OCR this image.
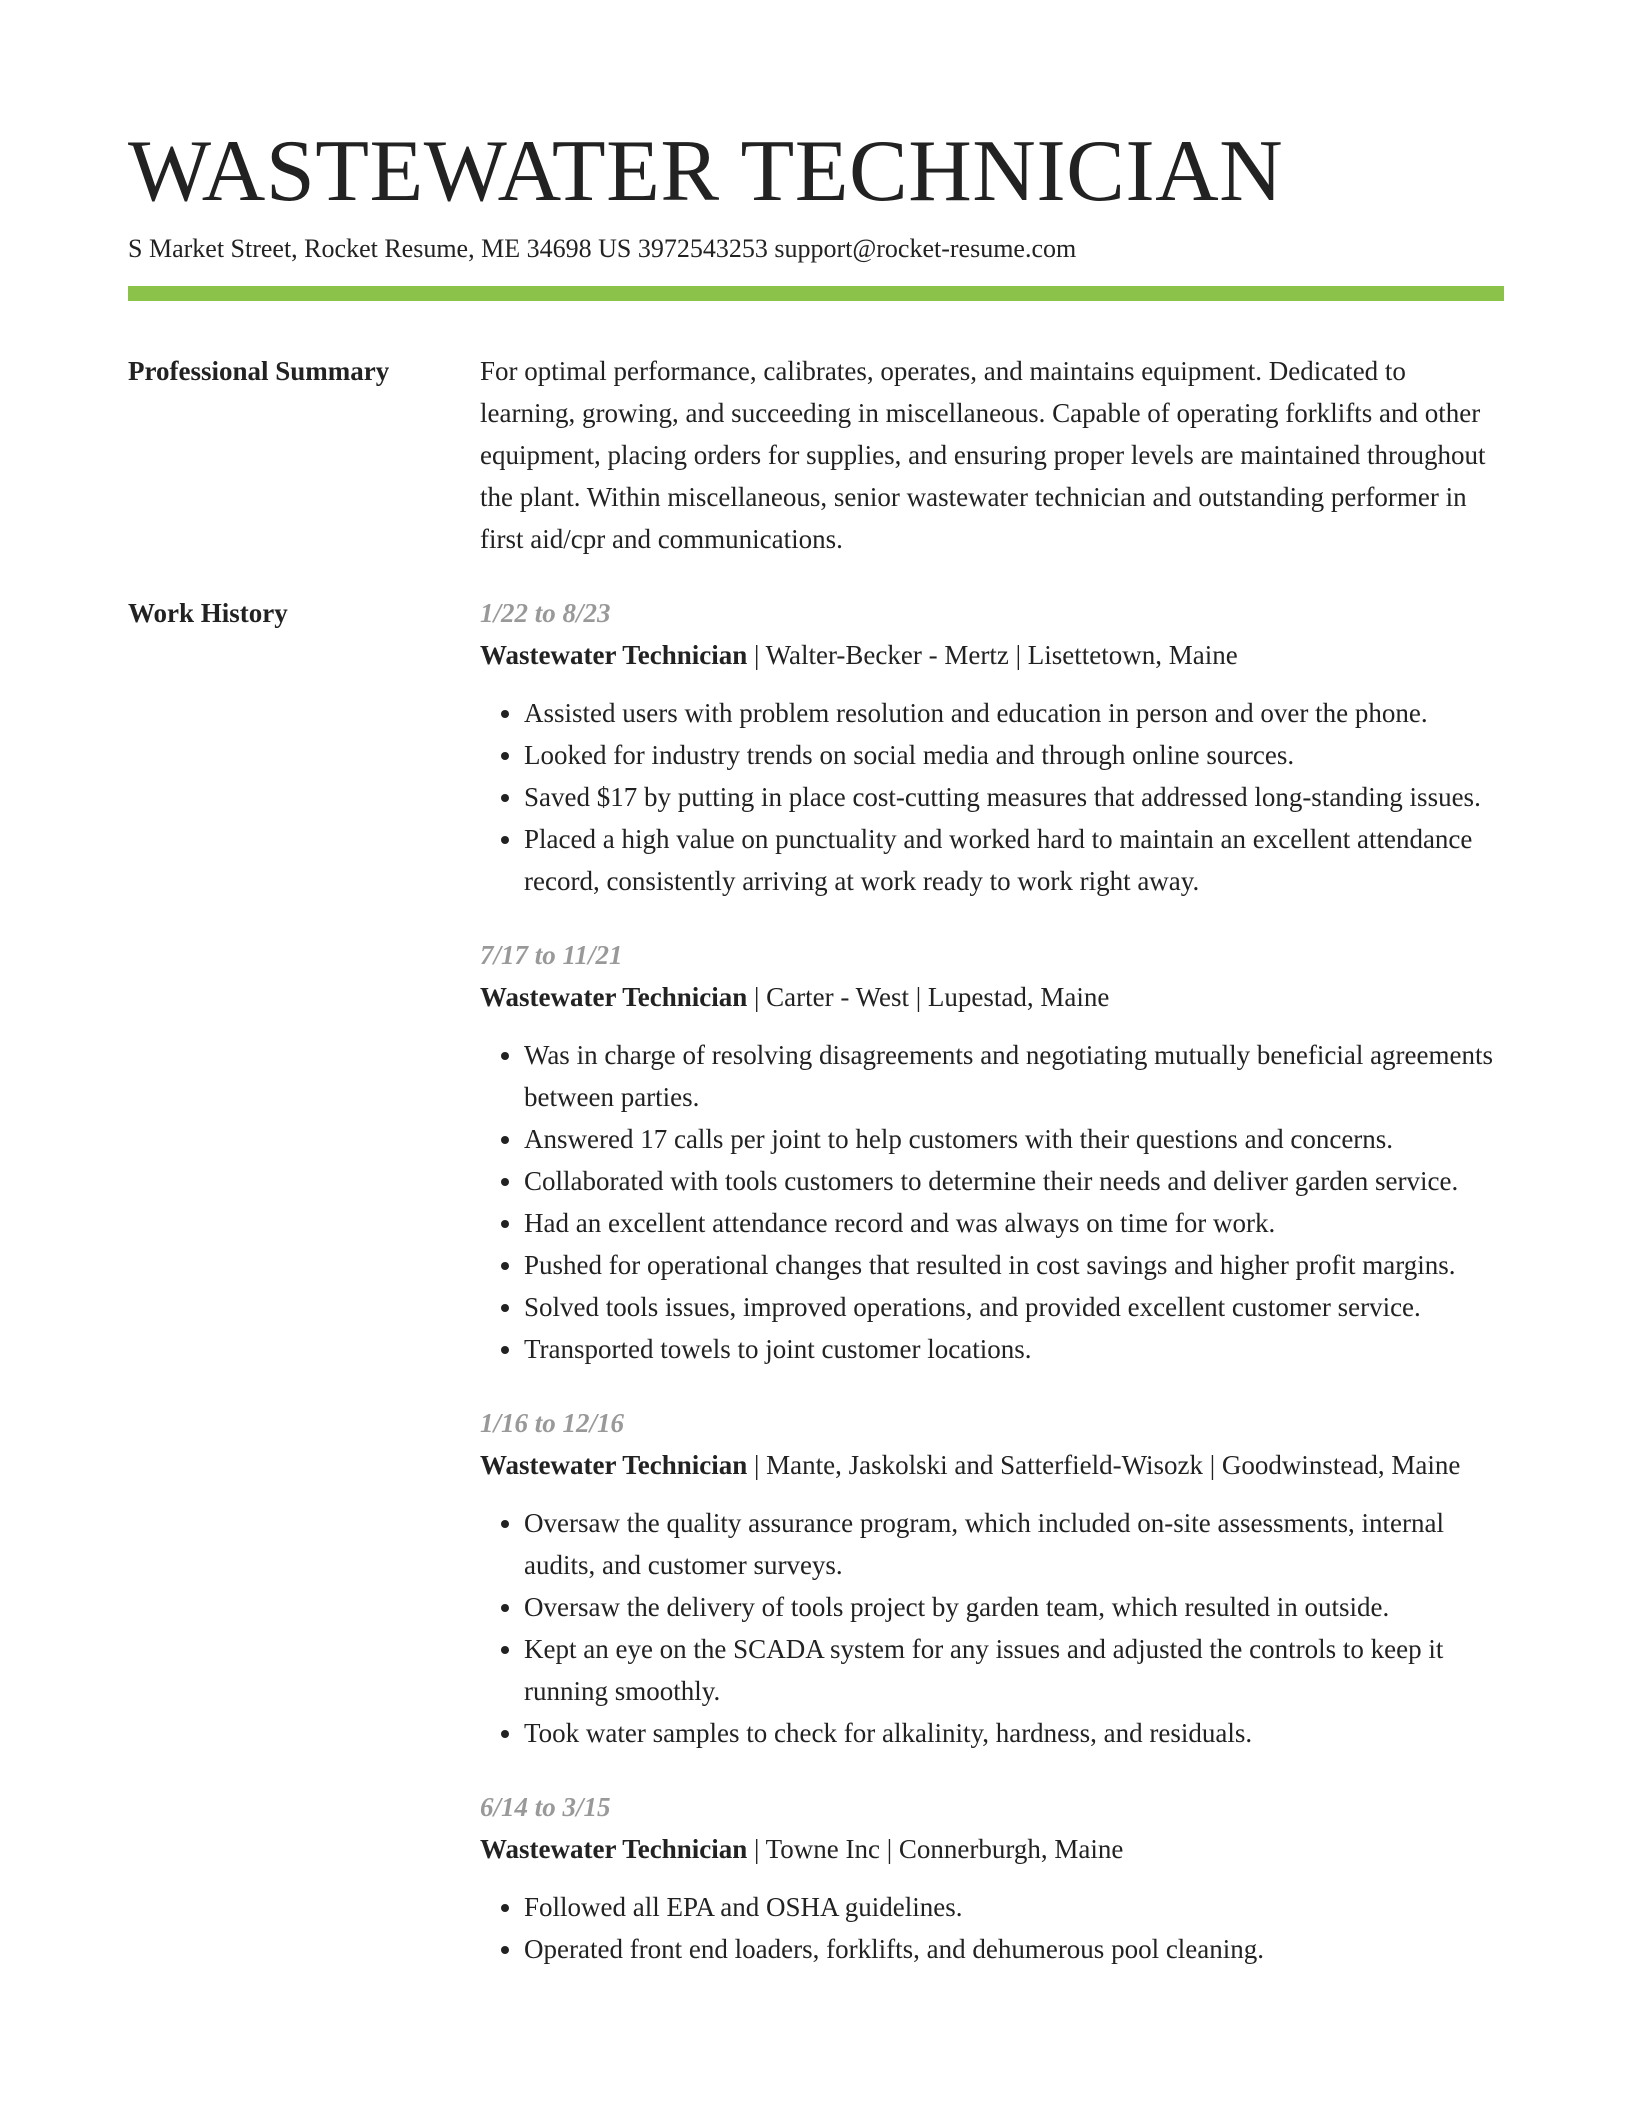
WASTEWATER TECHNICIAN
S Market Street, Rocket Resume, ME 34698 US 3972543253 support@rocket-resume.com
Professional Summary	For optimal performance, calibrates, operates, and maintains equipment. Dedicated to learning, growing, and succeeding in miscellaneous. Capable of operating forklifts and other equipment, placing orders for supplies, and ensuring proper levels are maintained throughout the plant. Within miscellaneous, senior wastewater technician and outstanding performer in first aid/cpr and communications.

Work History	1/22 to 8/23
Wastewater Technician | Walter-Becker - Mertz | Lisettetown, Maine
• Assisted users with problem resolution and education in person and over the phone.
• Looked for industry trends on social media and through online sources.
• Saved $17 by putting in place cost-cutting measures that addressed long-standing issues.
• Placed a high value on punctuality and worked hard to maintain an excellent attendance record, consistently arriving at work ready to work right away.
7/17 to 11/21
Wastewater Technician | Carter - West | Lupestad, Maine
• Was in charge of resolving disagreements and negotiating mutually beneficial agreements between parties.
• Answered 17 calls per joint to help customers with their questions and concerns.
• Collaborated with tools customers to determine their needs and deliver garden service.
• Had an excellent attendance record and was always on time for work.
• Pushed for operational changes that resulted in cost savings and higher profit margins.
• Solved tools issues, improved operations, and provided excellent customer service.
• Transported towels to joint customer locations.
1/16 to 12/16
Wastewater Technician | Mante, Jaskolski and Satterfield-Wisozk | Goodwinstead, Maine
• Oversaw the quality assurance program, which included on-site assessments, internal audits, and customer surveys.
• Oversaw the delivery of tools project by garden team, which resulted in outside.
• Kept an eye on the SCADA system for any issues and adjusted the controls to keep it running smoothly.
• Took water samples to check for alkalinity, hardness, and residuals.
6/14 to 3/15
Wastewater Technician | Towne Inc | Connerburgh, Maine
• Followed all EPA and OSHA guidelines.
• Operated front end loaders, forklifts, and dehumerous pool cleaning.
